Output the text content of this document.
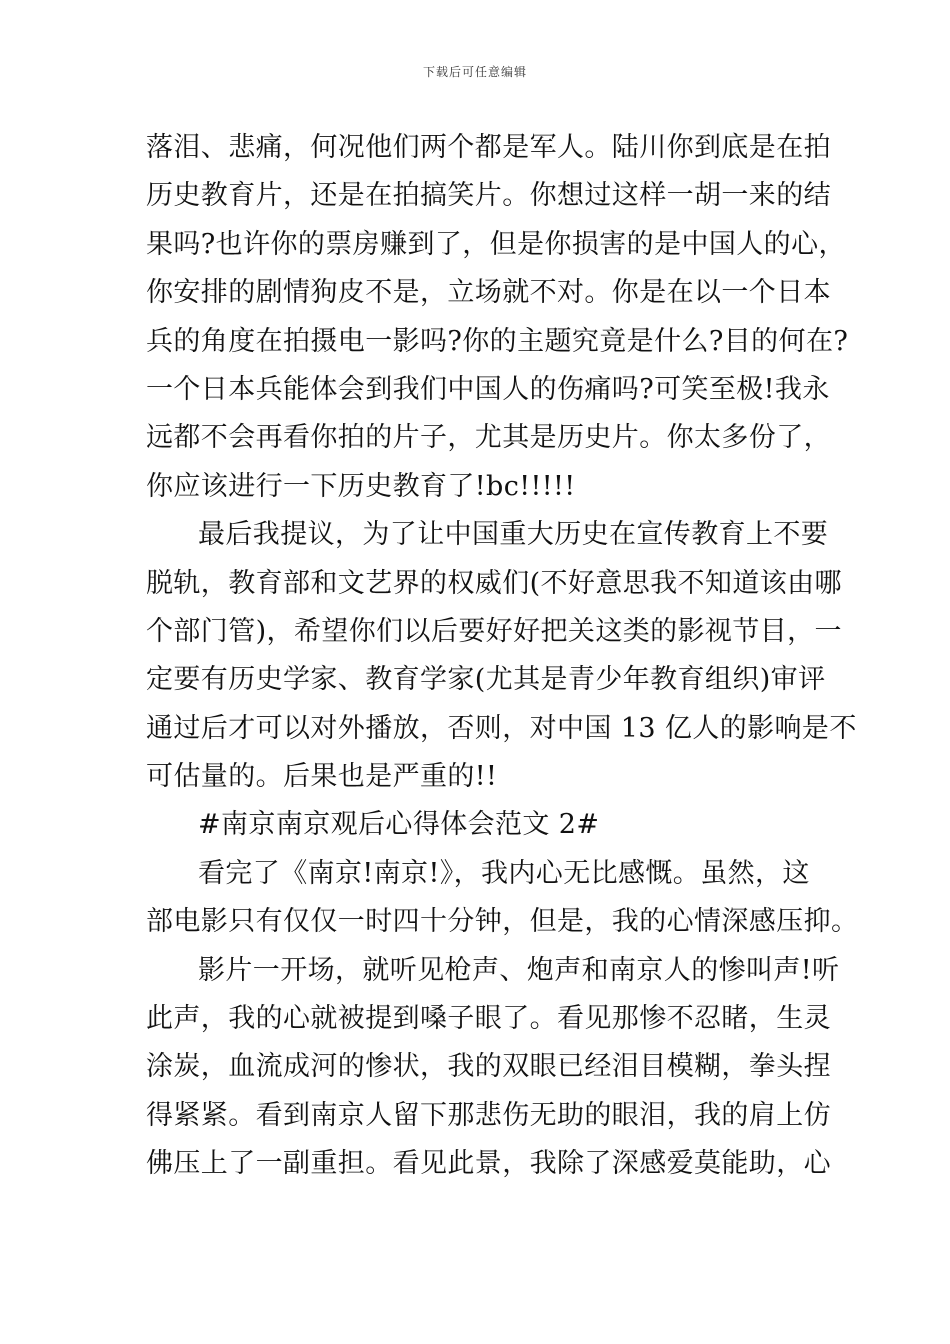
下载后可任意编辑
落泪、悲痛，何况他们两个都是军人。陆川你到底是在拍
历史教育片，还是在拍搞笑片。你想过这样一胡一来的结
果吗?也许你的票房赚到了，但是你损害的是中国人的心，
你安排的剧情狗皮不是，立场就不对。你是在以一个日本
兵的角度在拍摄电一影吗?你的主题究竟是什么?目的何在?
一个日本兵能体会到我们中国人的伤痛吗?可笑至极!我永
远都不会再看你拍的片子，尤其是历史片。你太多份了，
你应该进行一下历史教育了!bc!!!!!
最后我提议，为了让中国重大历史在宣传教育上不要
脱轨，教育部和文艺界的权威们(不好意思我不知道该由哪
个部门管)，希望你们以后要好好把关这类的影视节目，一
定要有历史学家、教育学家(尤其是青少年教育组织)审评
通过后才可以对外播放，否则，对中国 13 亿人的影响是不
可估量的。后果也是严重的!!
#南京南京观后心得体会范文 2#
看完了《南京!南京!》，我内心无比感慨。虽然，这
部电影只有仅仅一时四十分钟，但是，我的心情深感压抑。
影片一开场，就听见枪声、炮声和南京人的惨叫声!听
此声，我的心就被提到嗓子眼了。看见那惨不忍睹，生灵
涂炭，血流成河的惨状，我的双眼已经泪目模糊，拳头捏
得紧紧。看到南京人留下那悲伤无助的眼泪，我的肩上仿
佛压上了一副重担。看见此景，我除了深感爱莫能助，心
